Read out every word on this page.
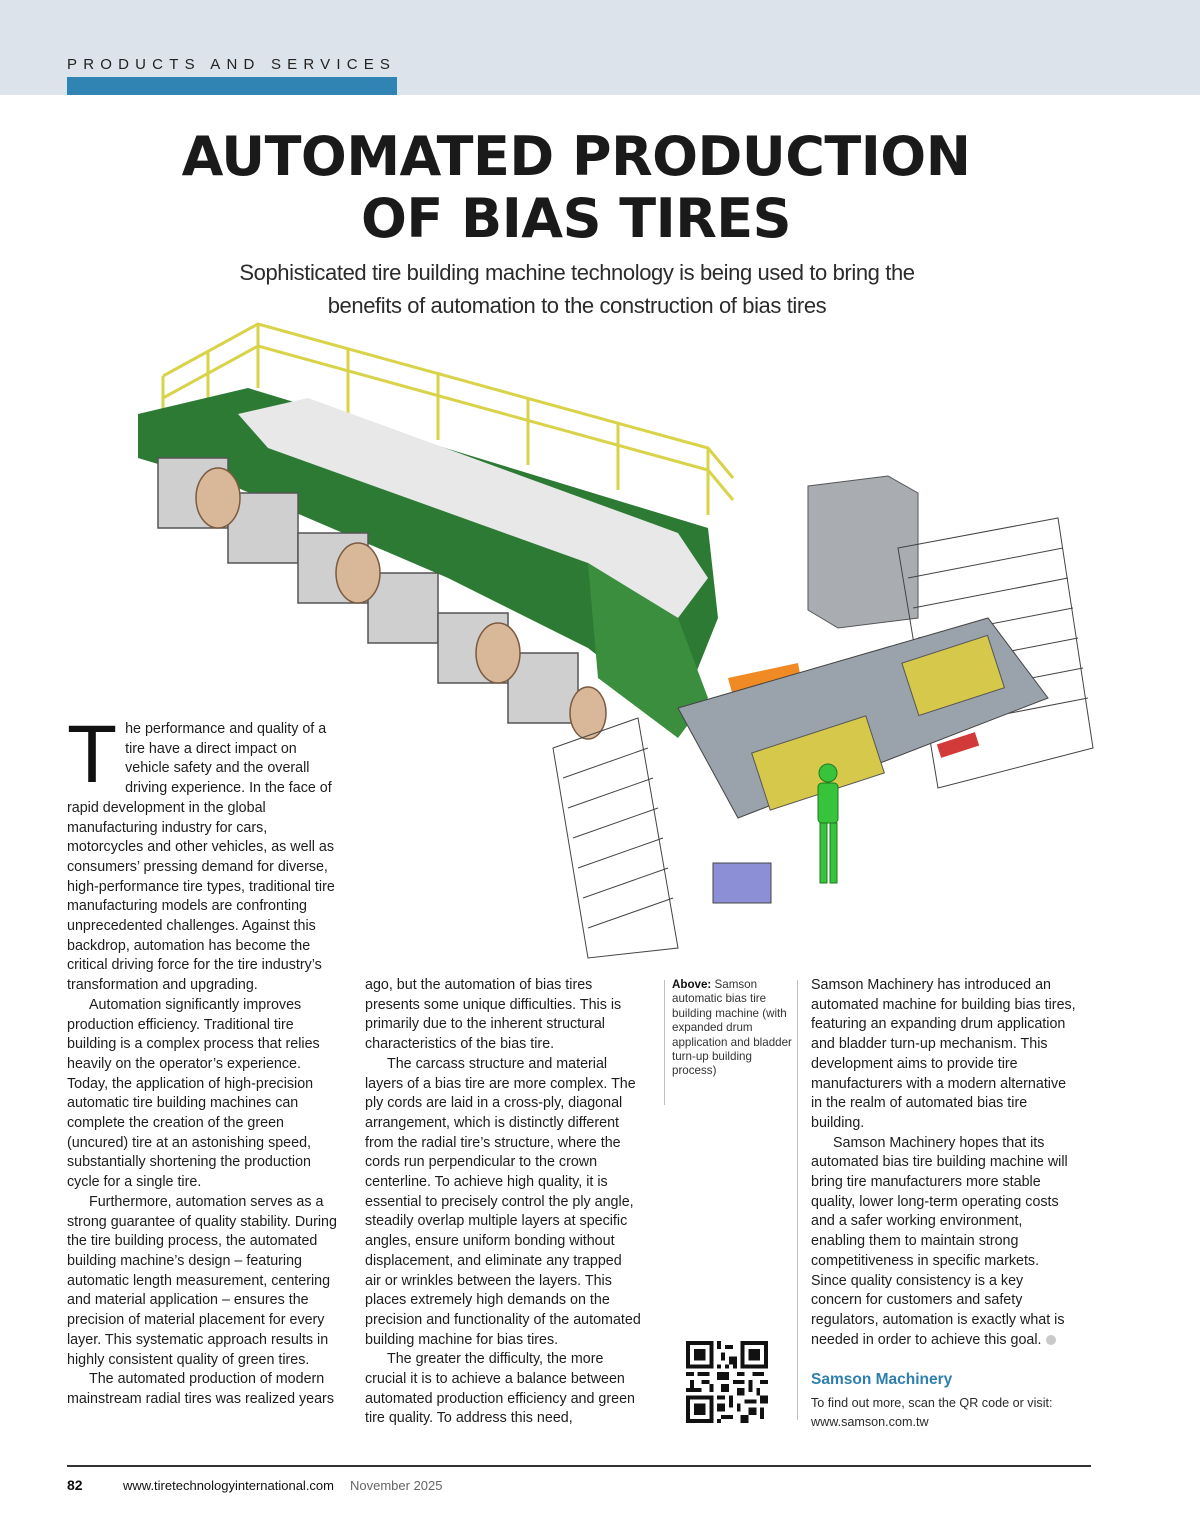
PRODUCTS AND SERVICES
AUTOMATED PRODUCTION
OF BIAS TIRES
Sophisticated tire building machine technology is being used to bring the
benefits of automation to the construction of bias tires
T he performance and quality of a tire have a direct impact on vehicle safety and the overall driving experience. In the face of rapid development in the global manufacturing industry for cars, motorcycles and other vehicles, as well as consumers’ pressing demand for diverse, high-performance tire types, traditional tire manufacturing models are confronting unprecedented challenges. Against this backdrop, automation has become the critical driving force for the tire industry’s transformation and upgrading.

Automation significantly improves production efficiency. Traditional tire building is a complex process that relies heavily on the operator’s experience. Today, the application of high-precision automatic tire building machines can complete the creation of the green (uncured) tire at an astonishing speed, substantially shortening the production cycle for a single tire.

Furthermore, automation serves as a strong guarantee of quality stability. During the tire building process, the automated building machine’s design – featuring automatic length measurement, centering and material application – ensures the precision of material placement for every layer. This systematic approach results in highly consistent quality of green tires.

The automated production of modern mainstream radial tires was realized years

ago, but the automation of bias tires presents some unique difficulties. This is primarily due to the inherent structural characteristics of the bias tire.

The carcass structure and material layers of a bias tire are more complex. The ply cords are laid in a cross-ply, diagonal arrangement, which is distinctly different from the radial tire’s structure, where the cords run perpendicular to the crown centerline. To achieve high quality, it is essential to precisely control the ply angle, steadily overlap multiple layers at specific angles, ensure uniform bonding without displacement, and eliminate any trapped air or wrinkles between the layers. This places extremely high demands on the precision and functionality of the automated building machine for bias tires.

The greater the difficulty, the more crucial it is to achieve a balance between automated production efficiency and green tire quality. To address this need,

Above: Samson automatic bias tire building machine (with expanded drum application and bladder turn-up building process)

Samson Machinery has introduced an automated machine for building bias tires, featuring an expanding drum application and bladder turn-up mechanism. This development aims to provide tire manufacturers with a modern alternative in the realm of automated bias tire building.

Samson Machinery hopes that its automated bias tire building machine will bring tire manufacturers more stable quality, lower long-term operating costs and a safer working environment, enabling them to maintain strong competitiveness in specific markets. Since quality consistency is a key concern for customers and safety regulators, automation is exactly what is needed in order to achieve this goal.

Samson Machinery
To find out more, scan the QR code or visit:
www.samson.com.tw
82	www.tiretechnologyinternational.com November 2025
